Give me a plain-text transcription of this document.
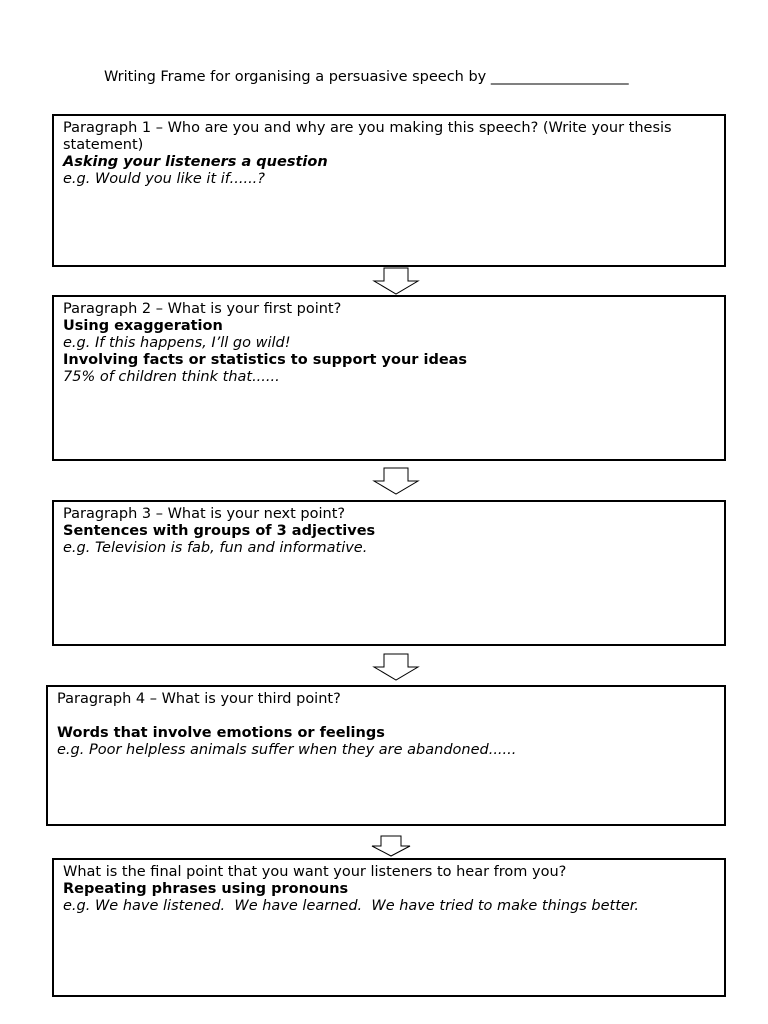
Writing Frame for organising a persuasive speech by ___________________
Paragraph 1 – Who are you and why are you making this speech? (Write your thesis statement)
Asking your listeners a question
e.g. Would you like it if......?
Paragraph 2 – What is your first point?
Using exaggeration
e.g. If this happens, I’ll go wild!
Involving facts or statistics to support your ideas
75% of children think that......
Paragraph 3 – What is your next point?
Sentences with groups of 3 adjectives
e.g. Television is fab, fun and informative.
Paragraph 4 – What is your third point?
Words that involve emotions or feelings
e.g. Poor helpless animals suffer when they are abandoned......
What is the final point that you want your listeners to hear from you?
Repeating phrases using pronouns
e.g. We have listened.  We have learned.  We have tried to make things better.
